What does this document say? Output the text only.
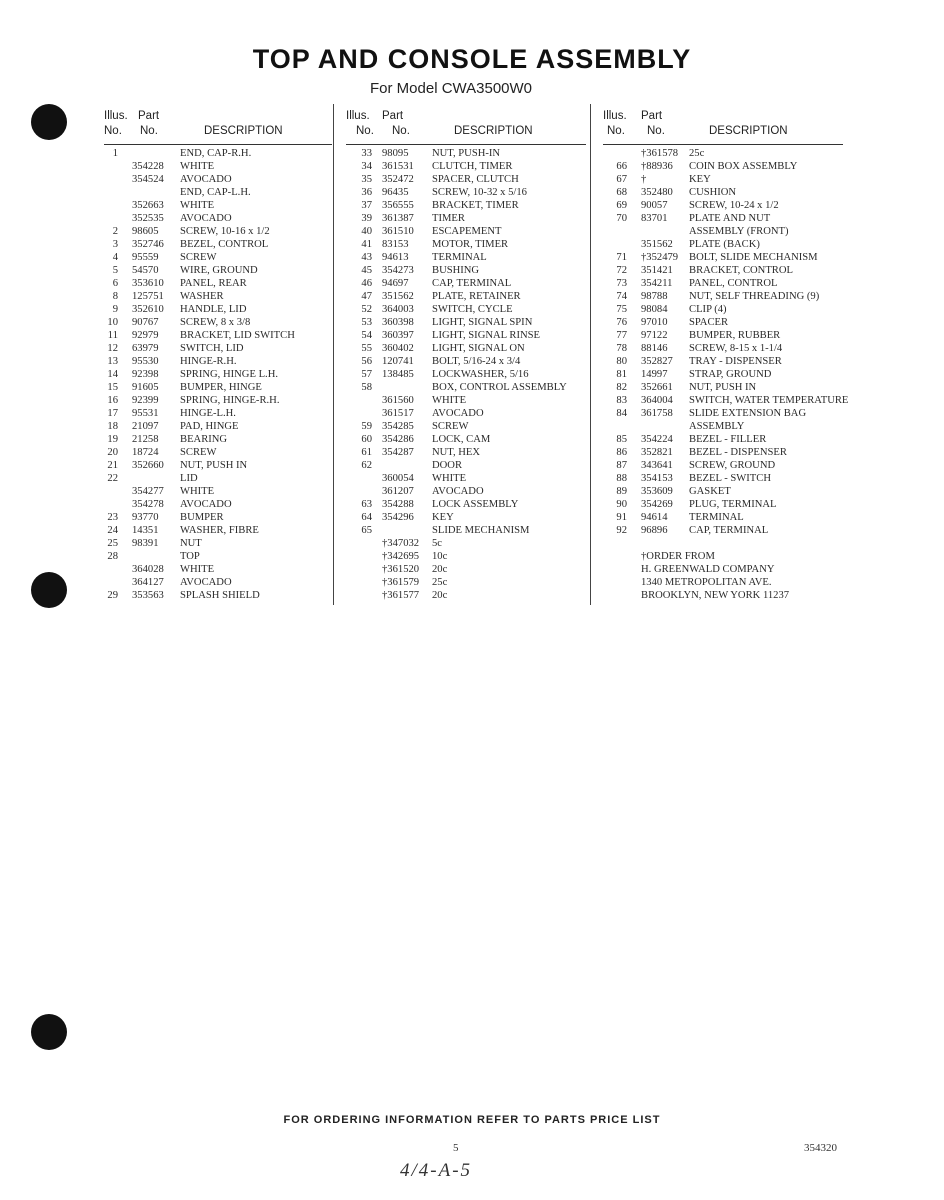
TOP AND CONSOLE ASSEMBLY
For Model CWA3500W0
Illus. Part
No. No.	DESCRIPTION
1	END, CAP-R.H.
354228 WHITE
354524 AVOCADO
END, CAP-L.H.
352663 WHITE
352535 AVOCADO
2 98605 SCREW, 10-16 x 1/2
3 352746 BEZEL, CONTROL
4 95559 SCREW
5 54570 WIRE, GROUND
6 353610 PANEL, REAR
8 125751 WASHER
9 352610 HANDLE, LID
10 90767 SCREW, 8 x 3/8
11 92979 BRACKET, LID SWITCH
12 63979 SWITCH, LID
13 95530 HINGE-R.H.
14 92398 SPRING, HINGE L.H.
15 91605 BUMPER, HINGE
16 92399 SPRING, HINGE-R.H.
17 95531 HINGE-L.H.
18 21097 PAD, HINGE
19 21258 BEARING
20 18724 SCREW
21 352660 NUT, PUSH IN
22	LID
354277 WHITE
354278 AVOCADO
23 93770 BUMPER
24 14351 WASHER, FIBRE
25 98391 NUT
28	TOP
364028 WHITE
364127 AVOCADO
29 353563 SPLASH SHIELD
Illus. Part
No. No.	DESCRIPTION
33 98095 NUT, PUSH-IN
34 361531 CLUTCH, TIMER
35 352472 SPACER, CLUTCH
36 96435 SCREW, 10-32 x 5/16
37 356555 BRACKET, TIMER
39 361387 TIMER
40 361510 ESCAPEMENT
41 83153 MOTOR, TIMER
43 94613 TERMINAL
45 354273 BUSHING
46 94697 CAP, TERMINAL
47 351562 PLATE, RETAINER
52 364003 SWITCH, CYCLE
53 360398 LIGHT, SIGNAL SPIN
54 360397 LIGHT, SIGNAL RINSE
55 360402 LIGHT, SIGNAL ON
56 120741 BOLT, 5/16-24 x 3/4
57 138485 LOCKWASHER, 5/16
58	BOX, CONTROL ASSEMBLY
361560 WHITE
361517 AVOCADO
59 354285 SCREW
60 354286 LOCK, CAM
61 354287 NUT, HEX
62	DOOR
360054 WHITE
361207 AVOCADO
63 354288 LOCK ASSEMBLY
64 354296 KEY
65	SLIDE MECHANISM
†347032 5c
†342695 10c
†361520 20c
†361579 25c
†361577 20c
Illus. Part
No. No.	DESCRIPTION
†361578 25c
66 †88936 COIN BOX ASSEMBLY
67 †	KEY
68 352480 CUSHION
69 90057 SCREW, 10-24 x 1/2
70 83701 PLATE AND NUT
ASSEMBLY (FRONT)
351562 PLATE (BACK)
71 †352479 BOLT, SLIDE MECHANISM
72 351421 BRACKET, CONTROL
73 354211 PANEL, CONTROL
74 98788 NUT, SELF THREADING (9)
75 98084 CLIP (4)
76 97010 SPACER
77 97122 BUMPER, RUBBER
78 88146 SCREW, 8-15 x 1-1/4
80 352827 TRAY - DISPENSER
81 14997 STRAP, GROUND
82 352661 NUT, PUSH IN
83 364004 SWITCH, WATER TEMPERATURE
84 361758 SLIDE EXTENSION BAG
ASSEMBLY
85 354224 BEZEL - FILLER
86 352821 BEZEL - DISPENSER
87 343641 SCREW, GROUND
88 354153 BEZEL - SWITCH
89 353609 GASKET
90 354269 PLUG, TERMINAL
91 94614 TERMINAL
92 96896 CAP, TERMINAL
†ORDER FROM
H. GREENWALD COMPANY
1340 METROPOLITAN AVE.
BROOKLYN, NEW YORK 11237
FOR ORDERING INFORMATION REFER TO PARTS PRICE LIST
5	354320
4/4-A-5
